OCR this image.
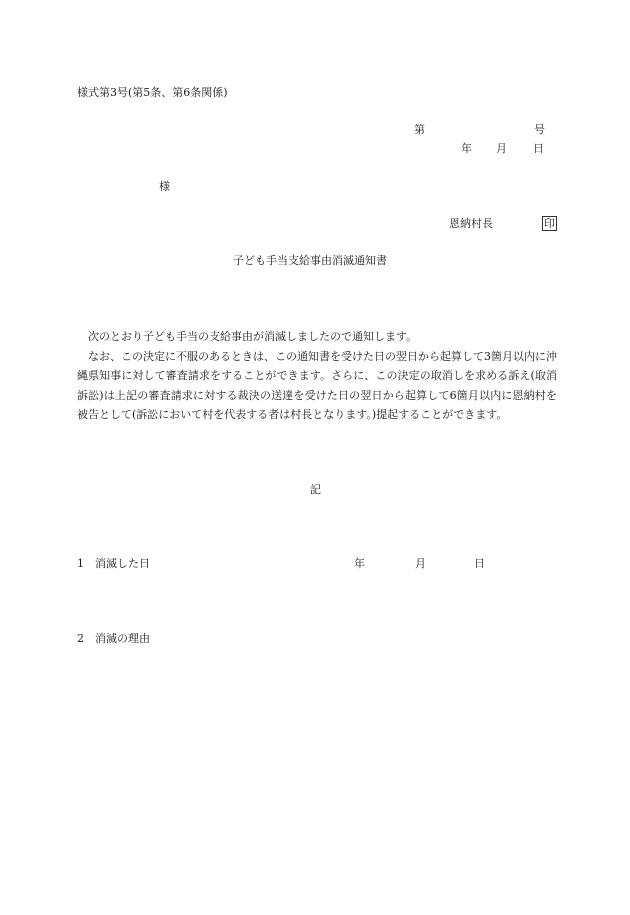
様式第3号(第5条、第6条関係)
第	号
年 月 日
様
恩納村長	印
子ども手当支給事由消滅通知書

次のとおり子ども手当の支給事由が消滅しましたので通知します。

なお、この決定に不服のあるときは、この通知書を受けた日の翌日から起算して3箇月以内に沖縄県知事に対して審査請求をすることができます。さらに、この決定の取消しを求める訴え(取消訴訟)は上記の審査請求に対する裁決の送達を受けた日の翌日から起算して6箇月以内に恩納村を被告として(訴訟において村を代表する者は村長となります。)提起することができます。

記
1 消滅した日	年	月	日
2 消滅の理由
